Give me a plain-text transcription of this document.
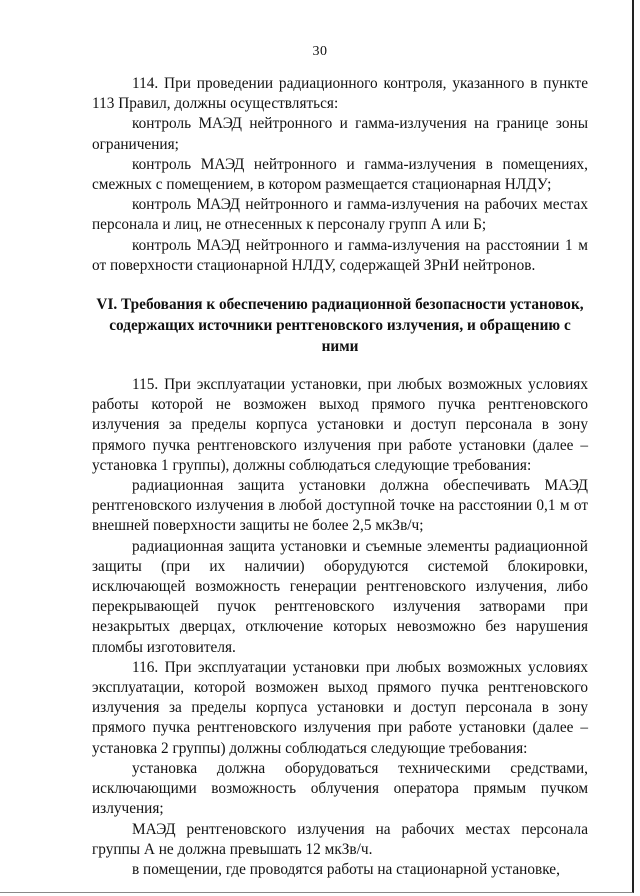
30

114. При проведении радиационного контроля, указанного в пункте 113 Правил, должны осуществляться:

контроль МАЭД нейтронного и гамма-излучения на границе зоны ограничения;

контроль МАЭД нейтронного и гамма-излучения в помещениях, смежных с помещением, в котором размещается стационарная НЛДУ;

контроль МАЭД нейтронного и гамма-излучения на рабочих местах персонала и лиц, не отнесенных к персоналу групп А или Б;

контроль МАЭД нейтронного и гамма-излучения на расстоянии 1 м от поверхности стационарной НЛДУ, содержащей ЗРнИ нейтронов.

VI. Требования к обеспечению радиационной безопасности установок,
содержащих источники рентгеновского излучения, и обращению с ними

115. При эксплуатации установки, при любых возможных условиях работы которой не возможен выход прямого пучка рентгеновского излучения за пределы корпуса установки и доступ персонала в зону прямого пучка рентгеновского излучения при работе установки (далее – установка 1 группы), должны соблюдаться следующие требования:

радиационная защита установки должна обеспечивать МАЭД рентгеновского излучения в любой доступной точке на расстоянии 0,1 м от внешней поверхности защиты не более 2,5 мкЗв/ч;

радиационная защита установки и съемные элементы радиационной защиты (при их наличии) оборудуются системой блокировки, исключающей возможность генерации рентгеновского излучения, либо перекрывающей пучок рентгеновского излучения затворами при незакрытых дверцах, отключение которых невозможно без нарушения пломбы изготовителя.

116. При эксплуатации установки при любых возможных условиях эксплуатации, которой возможен выход прямого пучка рентгеновского излучения за пределы корпуса установки и доступ персонала в зону прямого пучка рентгеновского излучения при работе установки (далее – установка 2 группы) должны соблюдаться следующие требования:

установка должна оборудоваться техническими средствами, исключающими возможность облучения оператора прямым пучком излучения;

МАЭД рентгеновского излучения на рабочих местах персонала группы А не должна превышать 12 мкЗв/ч.

в помещении, где проводятся работы на стационарной установке,
